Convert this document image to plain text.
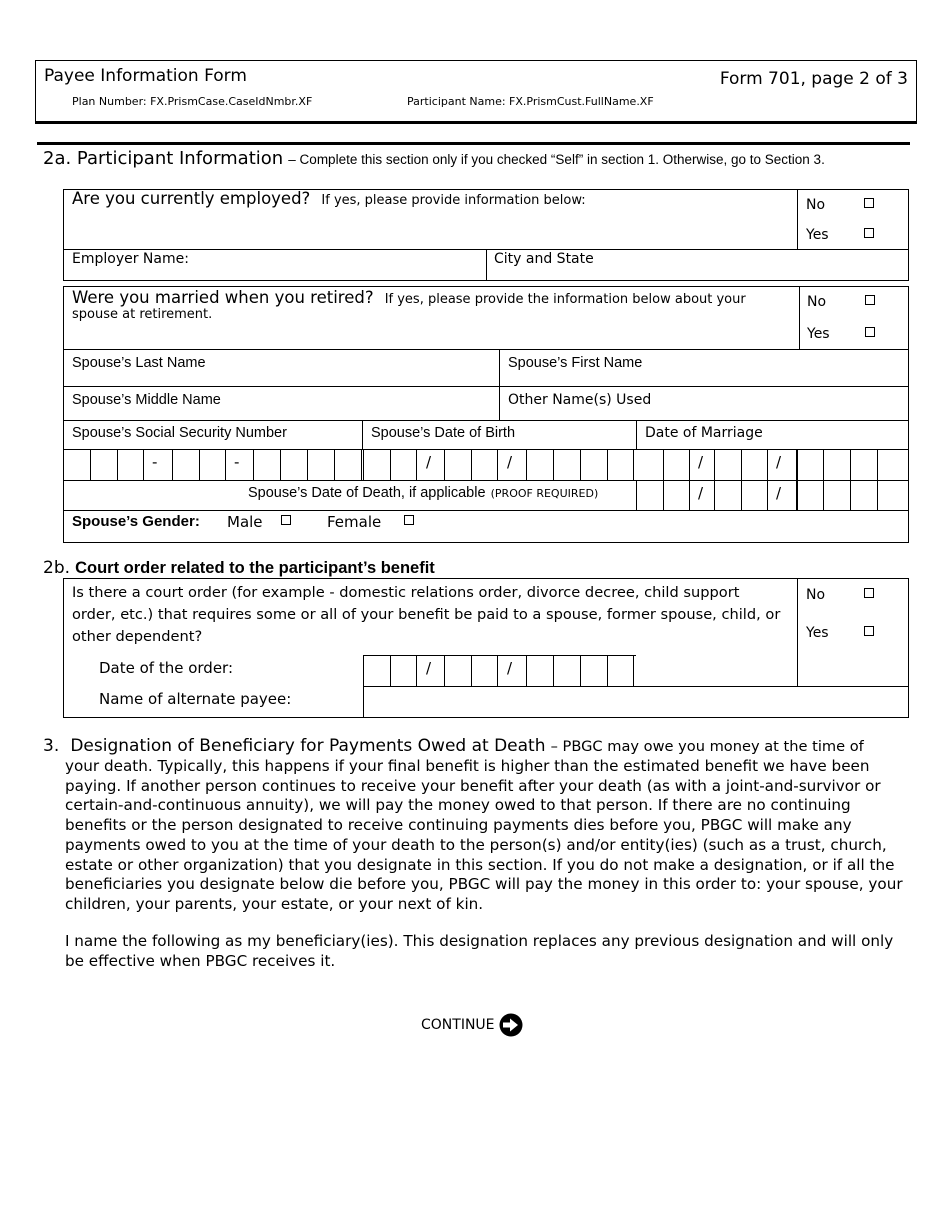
Payee Information Form	Form 701, page 2 of 3
Plan Number: FX.PrismCase.CaseIdNmbr.XF	Participant Name: FX.PrismCust.FullName.XF
2a. Participant Information – Complete this section only if you checked “Self” in section 1. Otherwise, go to Section 3.
Are you currently employed? If yes, please provide information below:	No
Yes
Employer Name:	City and State
Were you married when you retired? If yes, please provide the information below about your
spouse at retirement.
No
Yes
Spouse’s Last Name	Spouse’s First Name
Spouse’s Middle Name	Other Name(s) Used
Spouse’s Social Security Number	Spouse’s Date of Birth	Date of Marriage
-	-	/	/	/	/
Spouse’s Date of Death, if applicable (PROOF REQUIRED)	/	/
Spouse’s Gender: Male	Female
2b. Court order related to the participant’s benefit
Is there a court order (for example - domestic relations order, divorce decree, child support
order, etc.) that requires some or all of your benefit be paid to a spouse, former spouse, child, or
other dependent?
No
Yes
Date of the order:	/	/
Name of alternate payee:
3. Designation of Beneficiary for Payments Owed at Death – PBGC may owe you money at the time of
your death. Typically, this happens if your final benefit is higher than the estimated benefit we have been
paying. If another person continues to receive your benefit after your death (as with a joint-and-survivor or
certain-and-continuous annuity), we will pay the money owed to that person. If there are no continuing
benefits or the person designated to receive continuing payments dies before you, PBGC will make any
payments owed to you at the time of your death to the person(s) and/or entity(ies) (such as a trust, church,
estate or other organization) that you designate in this section. If you do not make a designation, or if all the
beneficiaries you designate below die before you, PBGC will pay the money in this order to: your spouse, your
children, your parents, your estate, or your next of kin.
I name the following as my beneficiary(ies). This designation replaces any previous designation and will only
be effective when PBGC receives it.
CONTINUE
